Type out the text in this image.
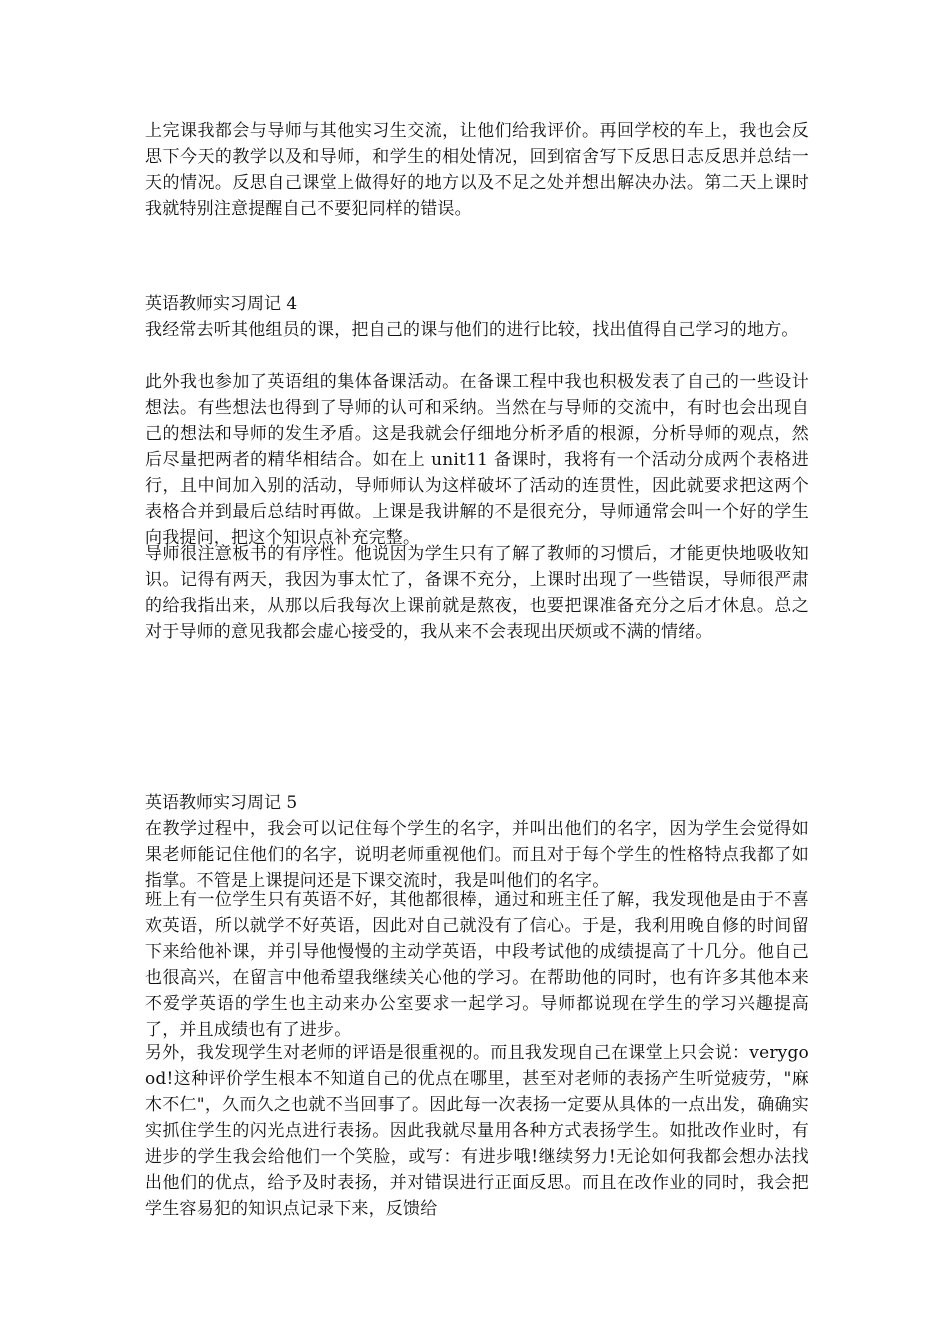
上完课我都会与导师与其他实习生交流，让他们给我评价。再回学校的车上，我也会反思下今天的教学以及和导师，和学生的相处情况，回到宿舍写下反思日志反思并总结一天的情况。反思自己课堂上做得好的地方以及不足之处并想出解决办法。第二天上课时我就特别注意提醒自己不要犯同样的错误。

英语教师实习周记 4

我经常去听其他组员的课，把自己的课与他们的进行比较，找出值得自己学习的地方。

此外我也参加了英语组的集体备课活动。在备课工程中我也积极发表了自己的一些设计想法。有些想法也得到了导师的认可和采纳。当然在与导师的交流中，有时也会出现自己的想法和导师的发生矛盾。这是我就会仔细地分析矛盾的根源，分析导师的观点，然后尽量把两者的精华相结合。如在上 unit11 备课时，我将有一个活动分成两个表格进行，且中间加入别的活动，导师师认为这样破坏了活动的连贯性，因此就要求把这两个表格合并到最后总结时再做。上课是我讲解的不是很充分，导师通常会叫一个好的学生向我提问，把这个知识点补充完整。

导师很注意板书的有序性。他说因为学生只有了解了教师的习惯后，才能更快地吸收知识。记得有两天，我因为事太忙了，备课不充分，上课时出现了一些错误，导师很严肃的给我指出来，从那以后我每次上课前就是熬夜，也要把课准备充分之后才休息。总之对于导师的意见我都会虚心接受的，我从来不会表现出厌烦或不满的情绪。

英语教师实习周记 5

在教学过程中，我会可以记住每个学生的名字，并叫出他们的名字，因为学生会觉得如果老师能记住他们的名字，说明老师重视他们。而且对于每个学生的性格特点我都了如指掌。不管是上课提问还是下课交流时，我是叫他们的名字。

班上有一位学生只有英语不好，其他都很棒，通过和班主任了解，我发现他是由于不喜欢英语，所以就学不好英语，因此对自己就没有了信心。于是，我利用晚自修的时间留下来给他补课，并引导他慢慢的主动学英语，中段考试他的成绩提高了十几分。他自己也很高兴，在留言中他希望我继续关心他的学习。在帮助他的同时，也有许多其他本来不爱学英语的学生也主动来办公室要求一起学习。导师都说现在学生的学习兴趣提高了，并且成绩也有了进步。

另外，我发现学生对老师的评语是很重视的。而且我发现自己在课堂上只会说：verygood!这种评价学生根本不知道自己的优点在哪里，甚至对老师的表扬产生听觉疲劳，"麻木不仁"，久而久之也就不当回事了。因此每一次表扬一定要从具体的一点出发，确确实实抓住学生的闪光点进行表扬。因此我就尽量用各种方式表扬学生。如批改作业时，有进步的学生我会给他们一个笑脸，或写：有进步哦!继续努力!无论如何我都会想办法找出他们的优点，给予及时表扬，并对错误进行正面反思。而且在改作业的同时，我会把学生容易犯的知识点记录下来，反馈给
